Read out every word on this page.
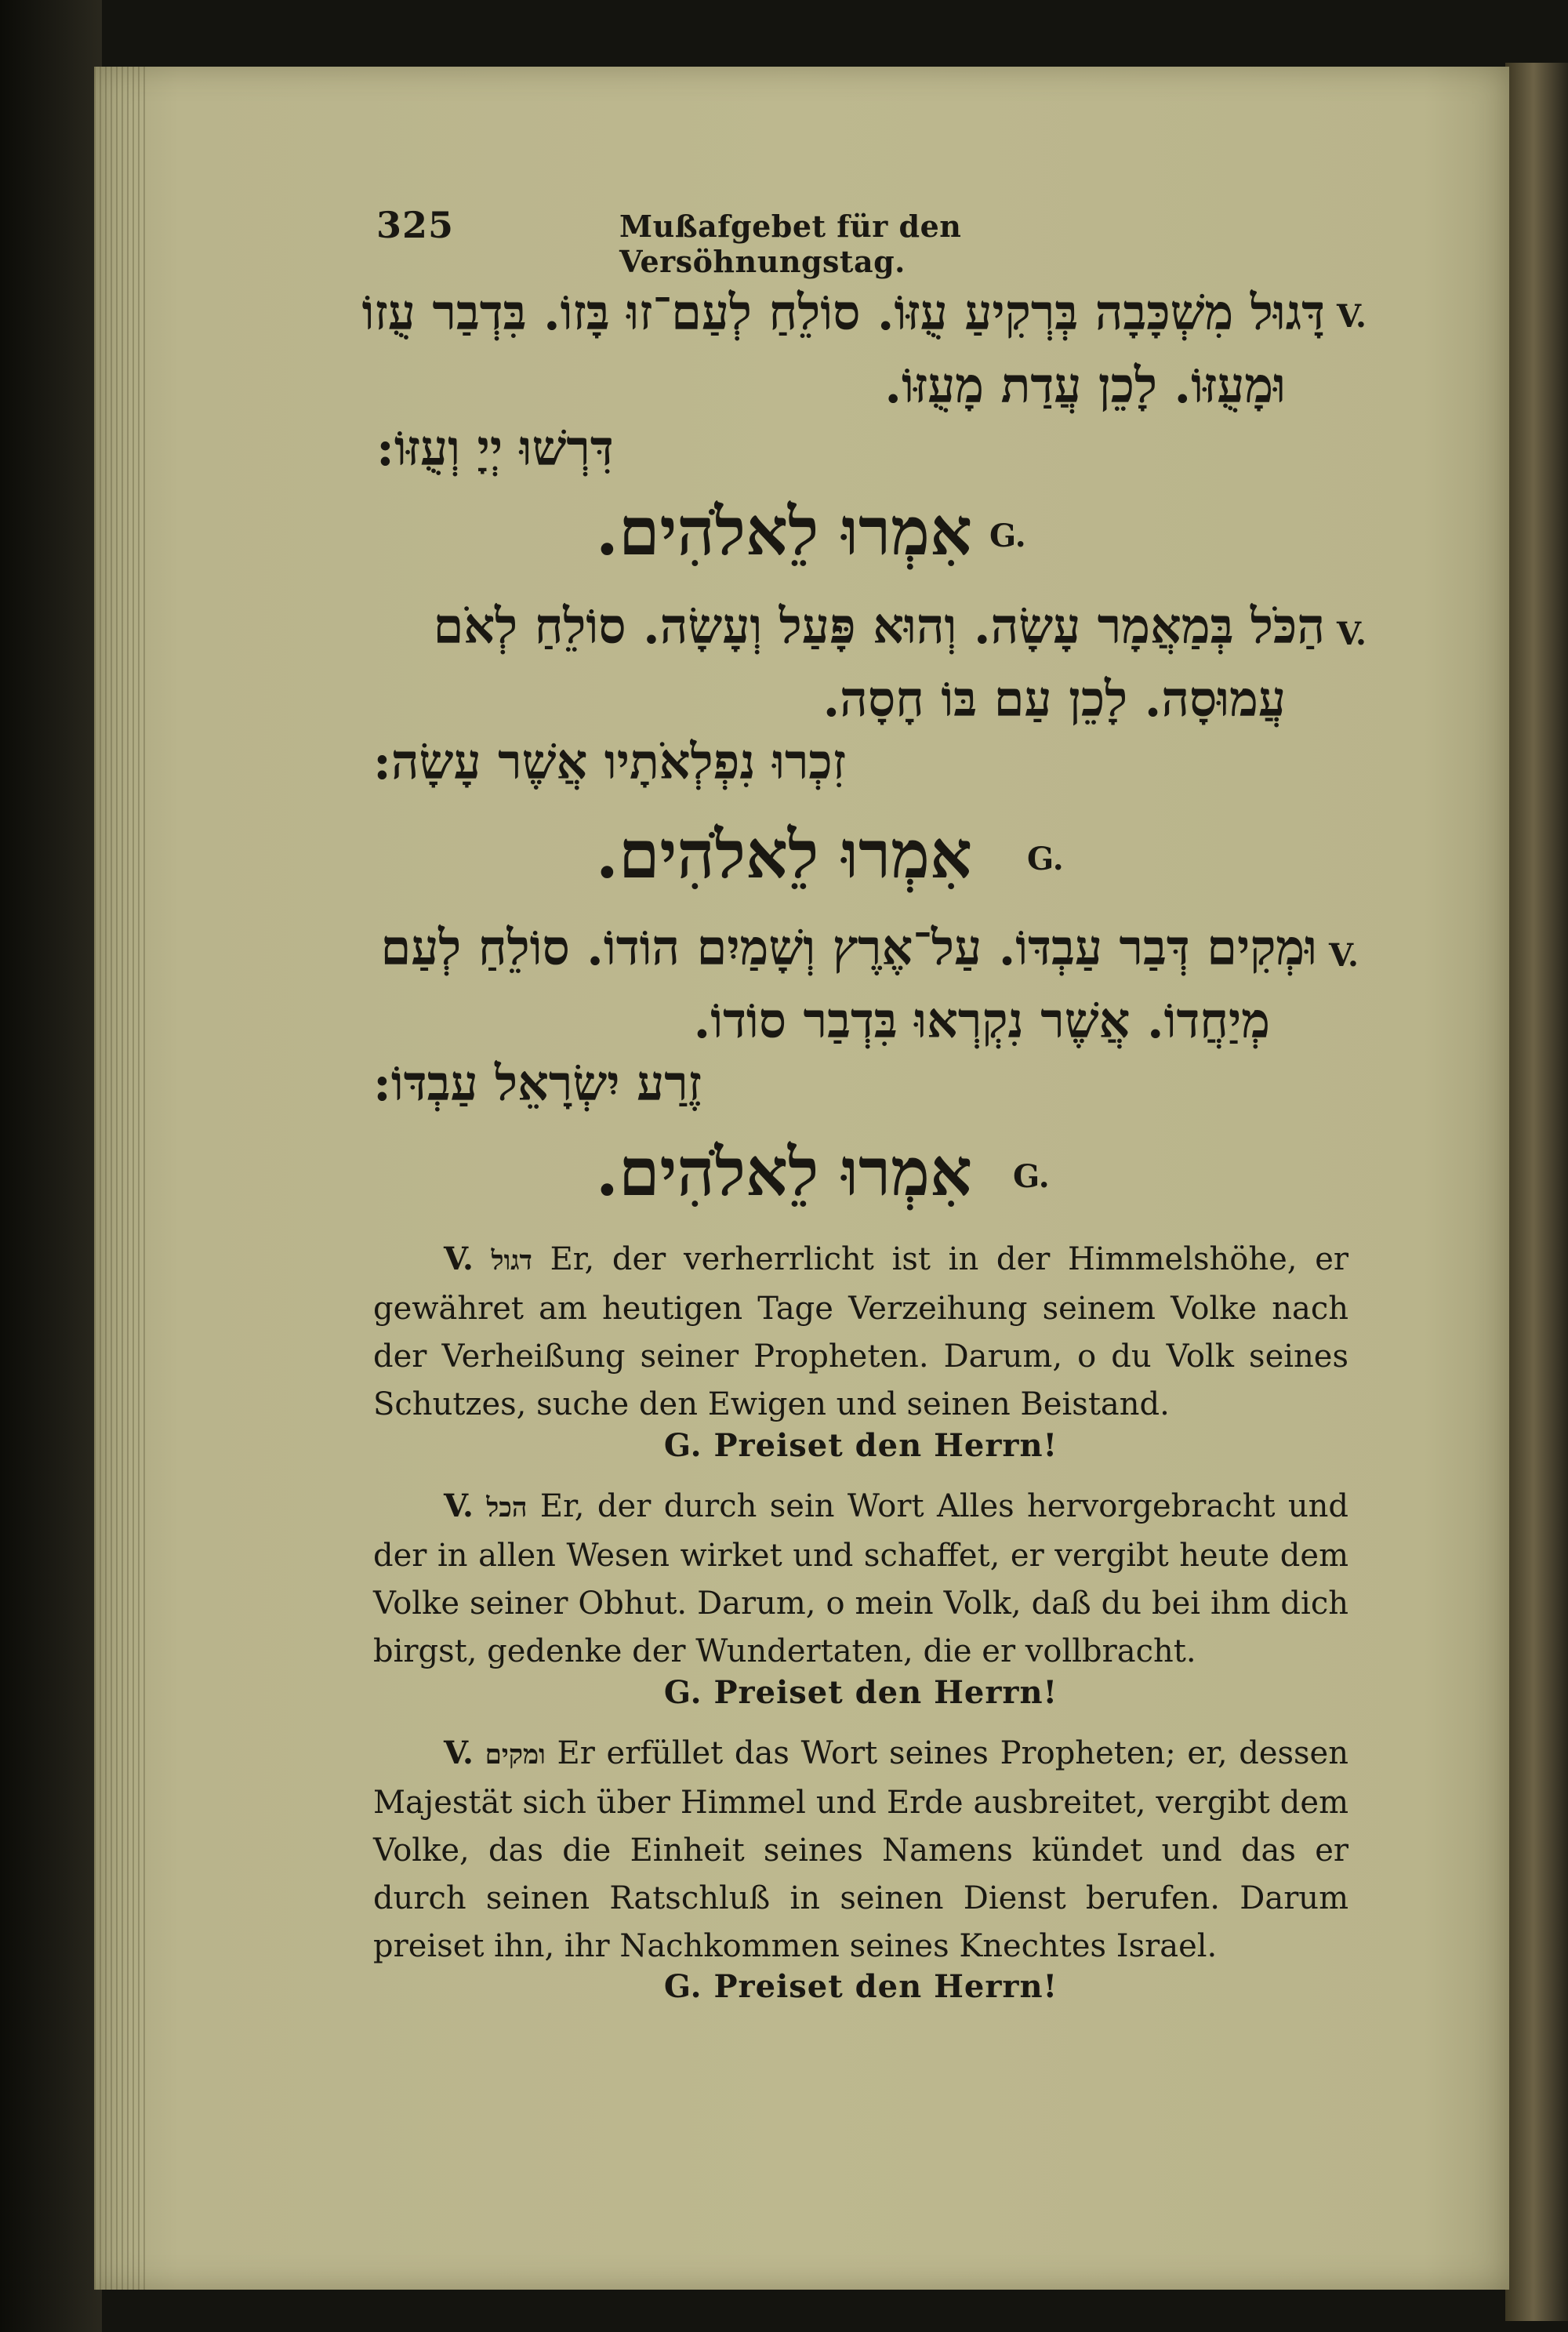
325	Mußafgebet für den Versöhnungstag.
V.
דָּגוּל מִשְׁכָּבָה בְּרְקִיעַ עֻזּוֹ. סוֹלֵחַ לְעַם־זוּ בָּזוֹ. בִּדְבַר עֻזוֹ
וּמָעֻזּוֹ. לָכֵן עֲדַת מָעֻזּוֹ.
דִּרְשׁוּ יְיָ וְעֻזּוֹ:
אִמְרוּ לֵאלֹהִים. G.
V.
הַכֹּל בְּמַאֲמָר עָשָׂה. וְהוּא פָּעַל וְעָשָׂה. סוֹלֵחַ לְאֹם
עֲמוּסָה. לָכֵן עַם בּוֹ חָסָה.
זִכְרוּ נִפְלְאֹתָיו אֲשֶׁר עָשָׂה:
אִמְרוּ לֵאלֹהִים. G.
V.
וּמְקִים דְּבַר עַבְדּוֹ. עַל־אֶרֶץ וְשָׁמַיִם הוֹדוֹ. סוֹלֵחַ לְעַם
מְיַחֲדוֹ. אֲשֶׁר נִקְרְאוּ בִּדְבַר סוֹדוֹ.
זֶרַע יִשְׂרָאֵל עַבְדּוֹ:
אִמְרוּ לֵאלֹהִים. G.
V. דגול Er, der verherrlicht ist in der Himmelshöhe, er gewähret am heutigen Tage Verzeihung seinem Volke nach der Verheißung seiner Propheten. Darum, o du Volk seines Schutzes, suche den Ewigen und seinen Beistand.
G. Preiset den Herrn!
V. הכל Er, der durch sein Wort Alles hervorgebracht und der in allen Wesen wirket und schaffet, er vergibt heute dem Volke seiner Obhut. Darum, o mein Volk, daß du bei ihm dich birgst, gedenke der Wundertaten, die er vollbracht.
G. Preiset den Herrn!
V. ומקים Er erfüllet das Wort seines Propheten; er, dessen Majestät sich über Himmel und Erde ausbreitet, vergibt dem Volke, das die Einheit seines Namens kündet und das er durch seinen Ratschluß in seinen Dienst berufen. Darum preiset ihn, ihr Nachkommen seines Knechtes Israel.
G. Preiset den Herrn!
